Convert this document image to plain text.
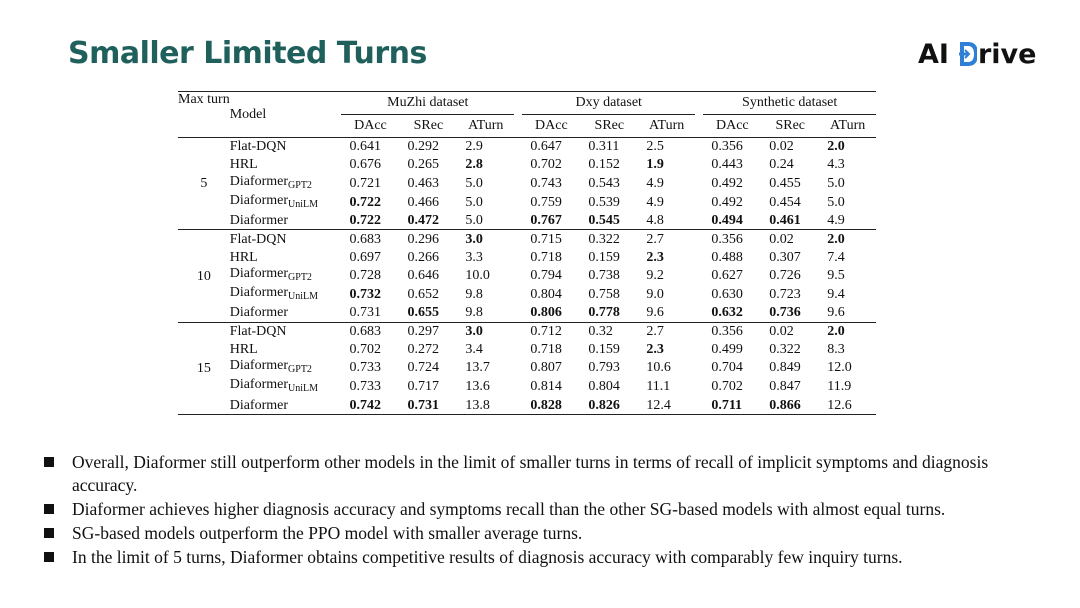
Smaller Limited Turns	AI rive

Max turn	Model	MuZhi dataset				Dxy dataset				Synthetic dataset		
		DAcc	SRec	ATurn		DAcc	SRec	ATurn		DAcc	SRec	ATurn
5	Flat-DQN	0.641	0.292	2.9		0.647	0.311	2.5		0.356	0.02	2.0
	HRL	0.676	0.265	2.8		0.702	0.152	1.9		0.443	0.24	4.3
	Diaformer$_{GPT2}$	0.721	0.463	5.0		0.743	0.543	4.9		0.492	0.455	5.0
	Diaformer$_{UniLM}$	0.722	0.466	5.0		0.759	0.539	4.9		0.492	0.454	5.0
	Diaformer	0.722	0.472	5.0		0.767	0.545	4.8		0.494	0.461	4.9
10	Flat-DQN	0.683	0.296	3.0		0.715	0.322	2.7		0.356	0.02	2.0
	HRL	0.697	0.266	3.3		0.718	0.159	2.3		0.488	0.307	7.4
	Diaformer$_{GPT2}$	0.728	0.646	10.0		0.794	0.738	9.2		0.627	0.726	9.5
	Diaformer$_{UniLM}$	0.732	0.652	9.8		0.804	0.758	9.0		0.630	0.723	9.4
	Diaformer	0.731	0.655	9.8		0.806	0.778	9.6		0.632	0.736	9.6
15	Flat-DQN	0.683	0.297	3.0		0.712	0.32	2.7		0.356	0.02	2.0
	HRL	0.702	0.272	3.4		0.718	0.159	2.3		0.499	0.322	8.3
	Diaformer$_{GPT2}$	0.733	0.724	13.7		0.807	0.793	10.6		0.704	0.849	12.0
	Diaformer$_{UniLM}$	0.733	0.717	13.6		0.814	0.804	11.1		0.702	0.847	11.9
	Diaformer	0.742	0.731	13.8		0.828	0.826	12.4		0.711	0.866	12.6
Overall, Diaformer still outperform other models in the limit of smaller turns in terms of recall of implicit symptoms and diagnosis accuracy.
Diaformer achieves higher diagnosis accuracy and symptoms recall than the other SG-based models with almost equal turns.
SG-based models outperform the PPO model with smaller average turns.
In the limit of 5 turns, Diaformer obtains competitive results of diagnosis accuracy with comparably few inquiry turns.
